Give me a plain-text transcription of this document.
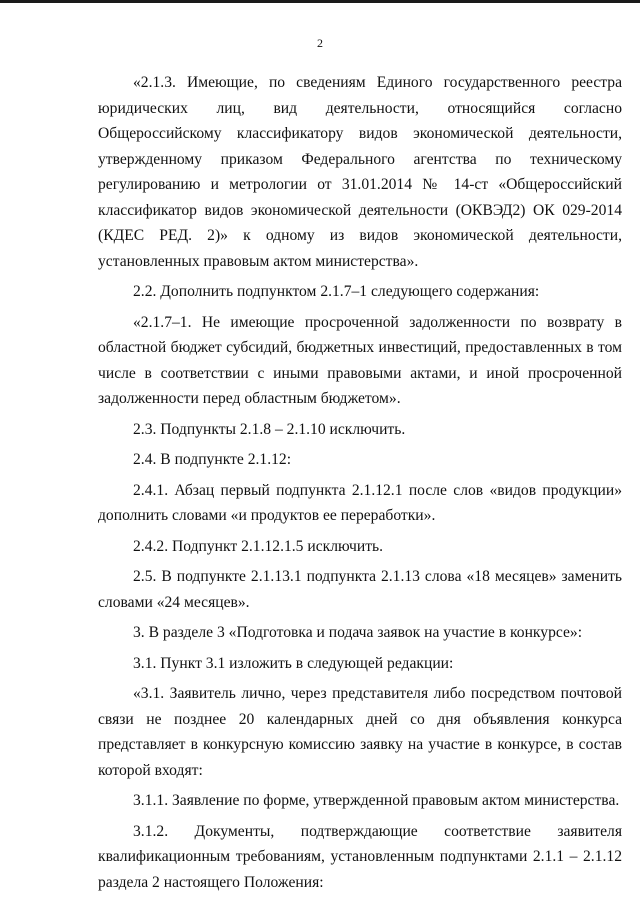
2

«2.1.3. Имеющие, по сведениям Единого государственного реестра юридических лиц, вид деятельности, относящийся согласно Общероссийскому классификатору видов экономической деятельности, утвержденному приказом Федерального агентства по техническому регулированию и метрологии от 31.01.2014 № 14-ст «Общероссийский классификатор видов экономической деятельности (ОКВЭД2) ОК 029-2014 (КДЕС РЕД. 2)» к одному из видов экономической деятельности, установленных правовым актом министерства».

2.2. Дополнить подпунктом 2.1.7–1 следующего содержания:

«2.1.7–1. Не имеющие просроченной задолженности по возврату в областной бюджет субсидий, бюджетных инвестиций, предоставленных в том числе в соответствии с иными правовыми актами, и иной просроченной задолженности перед областным бюджетом».

2.3. Подпункты 2.1.8 – 2.1.10 исключить.

2.4. В подпункте 2.1.12:

2.4.1. Абзац первый подпункта 2.1.12.1 после слов «видов продукции» дополнить словами «и продуктов ее переработки».

2.4.2. Подпункт 2.1.12.1.5 исключить.

2.5. В подпункте 2.1.13.1 подпункта 2.1.13 слова «18 месяцев» заменить словами «24 месяцев».

3. В разделе 3 «Подготовка и подача заявок на участие в конкурсе»:

3.1. Пункт 3.1 изложить в следующей редакции:

«3.1. Заявитель лично, через представителя либо посредством почтовой связи не позднее 20 календарных дней со дня объявления конкурса представляет в конкурсную комиссию заявку на участие в конкурсе, в состав которой входят:

3.1.1. Заявление по форме, утвержденной правовым актом министерства.

3.1.2. Документы, подтверждающие соответствие заявителя квалификационным требованиям, установленным подпунктами 2.1.1 – 2.1.12 раздела 2 настоящего Положения:
